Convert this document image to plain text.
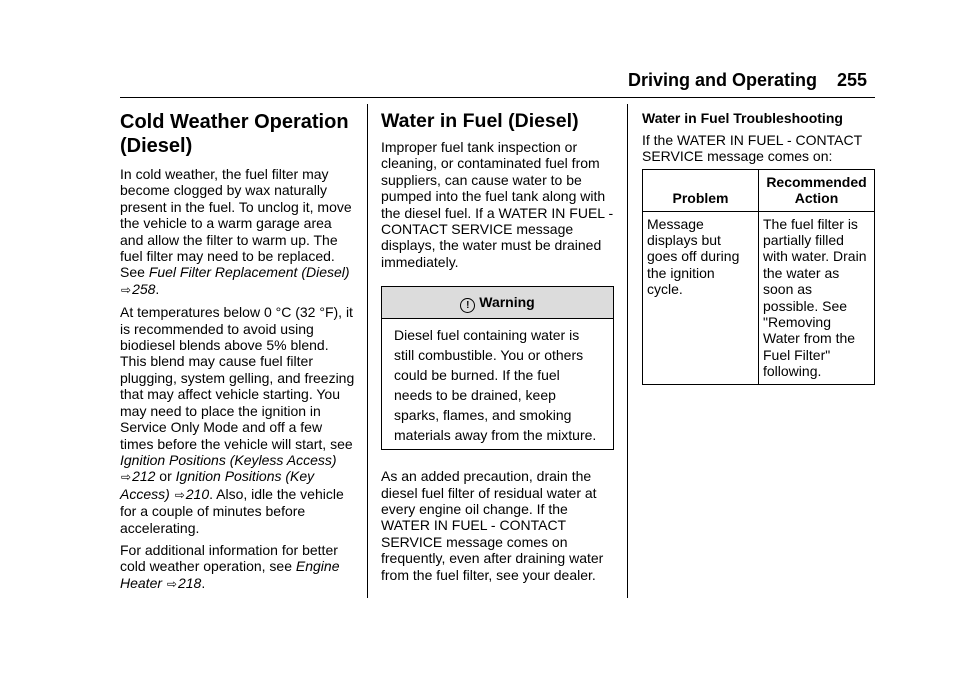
Driving and Operating 255
Cold Weather Operation (Diesel)

In cold weather, the fuel filter may become clogged by wax naturally present in the fuel. To unclog it, move the vehicle to a warm garage area and allow the filter to warm up. The fuel filter may need to be replaced. See Fuel Filter Replacement (Diesel) ⇨258.

At temperatures below 0 °C (32 °F), it is recommended to avoid using biodiesel blends above 5% blend. This blend may cause fuel filter plugging, system gelling, and freezing that may affect vehicle starting. You may need to place the ignition in Service Only Mode and off a few times before the vehicle will start, see Ignition Positions (Keyless Access) ⇨212 or Ignition Positions (Key Access) ⇨210. Also, idle the vehicle for a couple of minutes before accelerating.

For additional information for better cold weather operation, see Engine Heater ⇨218.

Water in Fuel (Diesel)
Improper fuel tank inspection or cleaning, or contaminated fuel from suppliers, can cause water to be pumped into the fuel tank along with the diesel fuel. If a WATER IN FUEL - CONTACT SERVICE message displays, the water must be drained immediately.
! Warning
Diesel fuel containing water is still combustible. You or others could be burned. If the fuel needs to be drained, keep sparks, flames, and smoking materials away from the mixture.
As an added precaution, drain the diesel fuel filter of residual water at every engine oil change. If the WATER IN FUEL - CONTACT SERVICE message comes on frequently, even after draining water from the fuel filter, see your dealer.
Water in Fuel Troubleshooting
If the WATER IN FUEL - CONTACT SERVICE message comes on:
Problem	Recommended Action
Message displays but goes off during the ignition cycle.	The fuel filter is partially filled with water. Drain the water as soon as possible. See "Removing Water from the Fuel Filter" following.
